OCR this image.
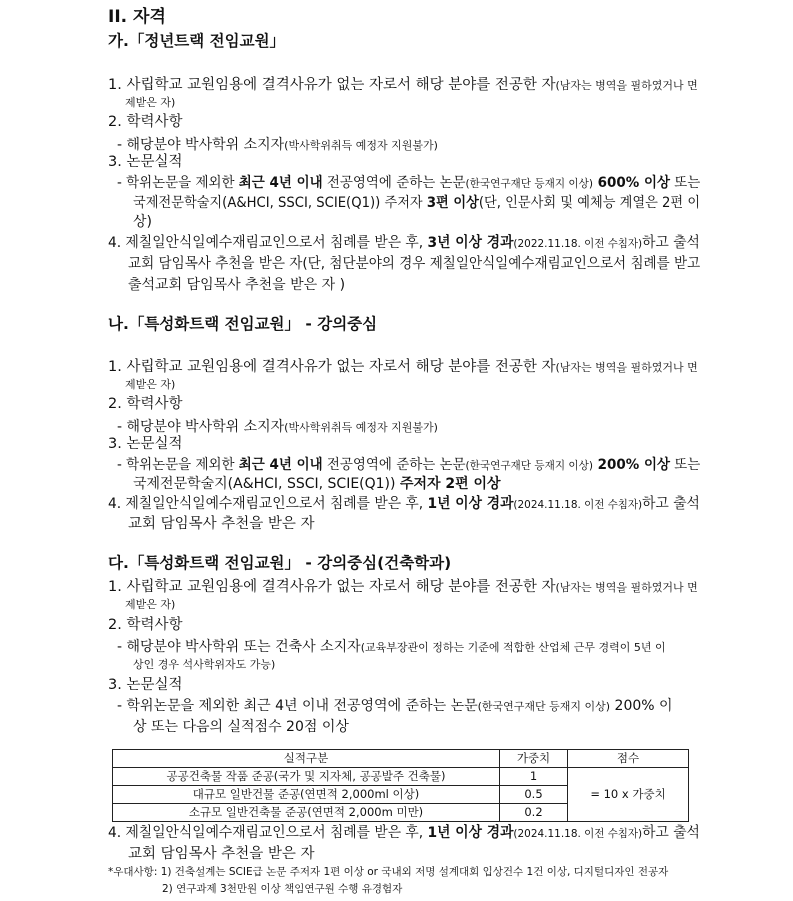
II. 자격
가.「정년트랙 전임교원」
1. 사립학교 교원임용에 결격사유가 없는 자로서 해당 분야를 전공한 자(남자는 병역을 필하였거나 면
제받은 자)
2. 학력사항
- 해당분야 박사학위 소지자(박사학위취득 예정자 지원불가)
3. 논문실적
- 학위논문을 제외한 최근 4년 이내 전공영역에 준하는 논문(한국연구재단 등재지 이상) 600% 이상 또는
국제전문학술지(A&HCI, SSCI, SCIE(Q1)) 주저자 3편 이상(단, 인문사회 및 예체능 계열은 2편 이
상)
4. 제칠일안식일예수재림교인으로서 침례를 받은 후, 3년 이상 경과(2022.11.18. 이전 수침자)하고 출석
교회 담임목사 추천을 받은 자(단, 첨단분야의 경우 제칠일안식일예수재림교인으로서 침례를 받고
출석교회 담임목사 추천을 받은 자 )
나.「특성화트랙 전임교원」 - 강의중심
1. 사립학교 교원임용에 결격사유가 없는 자로서 해당 분야를 전공한 자(남자는 병역을 필하였거나 면
제받은 자)
2. 학력사항
- 해당분야 박사학위 소지자(박사학위취득 예정자 지원불가)
3. 논문실적
- 학위논문을 제외한 최근 4년 이내 전공영역에 준하는 논문(한국연구재단 등재지 이상) 200% 이상 또는
국제전문학술지(A&HCI, SSCI, SCIE(Q1)) 주저자 2편 이상
4. 제칠일안식일예수재림교인으로서 침례를 받은 후, 1년 이상 경과(2024.11.18. 이전 수침자)하고 출석
교회 담임목사 추천을 받은 자
다.「특성화트랙 전임교원」 - 강의중심(건축학과)
1. 사립학교 교원임용에 결격사유가 없는 자로서 해당 분야를 전공한 자(남자는 병역을 필하였거나 면
제받은 자)
2. 학력사항
- 해당분야 박사학위 또는 건축사 소지자(교육부장관이 정하는 기준에 적합한 산업체 근무 경력이 5년 이
상인 경우 석사학위자도 가능)
3. 논문실적
- 학위논문을 제외한 최근 4년 이내 전공영역에 준하는 논문(한국연구재단 등재지 이상) 200% 이
상 또는 다음의 실적점수 20점 이상
실적구분	가중치	점수
공공건축물 작품 준공(국가 및 지자체, 공공발주 건축물)	1	= 10 x 가중치
대규모 일반건물 준공(연면적 2,000ml 이상)	0.5	
소규모 일반건축물 준공(연면적 2,000m 미만)	0.2	
4. 제칠일안식일예수재림교인으로서 침례를 받은 후, 1년 이상 경과(2024.11.18. 이전 수침자)하고 출석
교회 담임목사 추천을 받은 자
*우대사항: 1) 건축설계는 SCIE급 논문 주저자 1편 이상 or 국내외 저명 설계대회 입상건수 1건 이상, 디지털디자인 전공자
2) 연구과제 3천만원 이상 책임연구원 수행 유경험자
